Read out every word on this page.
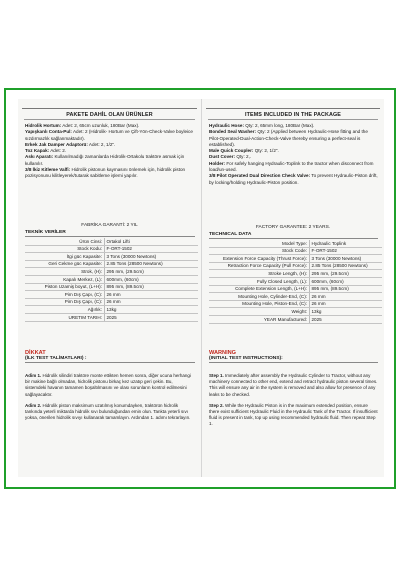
PAKETE DAHİL OLAN ÜRÜNLER

Hidrolik Hortum: Adet: 2, 65cm uzunluk, 180Bar (Max).

Yapışkanlı Conta-Pul: Adet: 2 (Hidrolik- Hortum ve Çift-Yön-Check-Valve boyleice sızdırmazlık sağlanmaktadır).

Erkek Jak Damper Adaptorü: Adet: 2, 1/2".

Toz Kapak: Adet: 2.

Askı Aparatı: Kullanılmadığı zamanlarda Hidrolik-Ortakolu traktöre asmak için kullanılır.

3/8 İkiz Kitleme Valfi: Hidrolik pistonun kaymasını önlemek için, hidrolik piston pozisyonunu kilitleyerek/tutarak sabitleme işlemi yapılır.

FABRİKA GARANTİ: 2 YIL
TEKNİK VERİLER
Ürün Cinsi:	Ortakol Lifti
Stock Kodu:	F-ORT-1502
İtgi güc Kapasite:	3 Tons (30000 Newtons)
Geri Cekme güc Kapasite:	2.85 Tons (28500 Newtons)
Strok, (H):	295 mm, (29.5cm)
Kapalı Merkez, (L):	600mm, (60cm)
Piston Uzamiş boyut, (L+H):	895 mm, (89.5cm)
Pim Dış Çapı, (C):	26 mm
Pim Dış Çapı, (C):	26 mm
Ağırlık:	13kg
URETIM TARIH:	2025
DİKKAT
(İLK TEST TALİMATLARI) :

Adim 1. Hidrolik silindiri traktöre monte ettikten hemen sonra, diğer ucuna herhangi bir makine bağlı olmadan, hidrolik pistonu birkaç kez uzatıp geri çekin. Bu, sistemdeki havanın tamamen boşaltılmasını ve olası sorunların kontrol edilmesini sağlayacaktır.

Adim 2. Hidrolik piston maksimum uzatılmış konumdayken, traktörün hidrolik tankında yeterli miktarda hidrolik sıvı bulunduğundan emin olun. Tankta yeterli sıvı yoksa, önerilen hidrolik sıvıyı kullanarak tamamlayın. Ardından 1. adımı tekrarlayın.

ITEMS INCLUDED IN THE PACKAGE

Hydraulic Hose: Qty: 2, 65mm long, 180Bar (Max).

Bonded Seal Washer: Qty: 2 (Applied between Hydraulic-Hose fitting and the Pilot-Operated-Dual-Action-Check-Valve thereby ensuring a perfect-seal is established).

Male Quick Coupler: Qty: 2, 1/2".

Dust Cover: Qty: 2,.

Holder: For safely hanging Hydraulic-Toplink to the tractor when disconnect from load/un-used.

3/8 Pilot Operated Dual Direction Check Valve: To prevent Hydraulic-Piston drift, by locking/holding Hydraulic-Piston position.

FACTORY GARANTEE: 2 YEARS.
TECHNICAL DATA
Model Type:	Hydraulic Toplink
Stock Code:	F-ORT-1502
Extension Force Capacity (Thrust Force):	3 Tons (30000 Newtons)
Retraction Force Capacity (Pull Force):	2.85 Tons (28500 Newtons)
Stroke Length, (H):	295 mm, (29.5cm)
Fully Closed Length, (L):	600mm, (60cm)
Complete Extension Length, (L+H):	895 mm, (89.5cm)
Mounting Hole, Cylinder-End, (C):	26 mm
Mounting Hole, Piston-End, (C):	26 mm
Weight:	13kg
YEAR Manufactured:	2025
WARNING
(INITIAL TEST INSTRUCTIONS):

Step 1. Immediately after assembly the Hydraulic Cylinder to Tractor, without any machinery connected to other end, extend and retract hydraulic piston several times. This will ensure any air in the system is removed and also allow for presence of any leaks to be checked.

Step 2. While the Hydraulic Piston is in the maximum extended position, ensure there exist sufficient Hydraulic Fluid in the Hydraulic Tank of the Tractor. If insufficient fluid is present in tank, top up using recommended hydraulic fluid. Then repeat Step 1.
